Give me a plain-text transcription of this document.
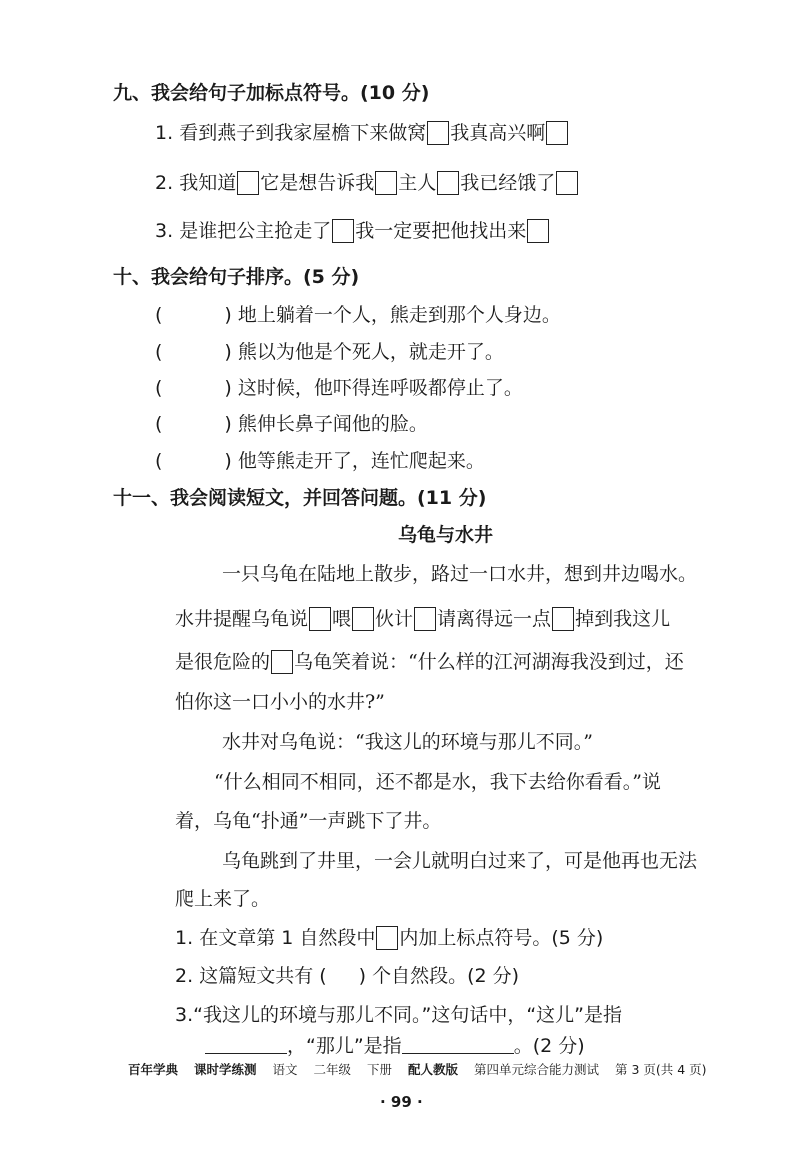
九、我会给句子加标点符号。(10 分)
1. 看到燕子到我家屋檐下来做窝 我真高兴啊
2. 我知道 它是想告诉我 主人 我已经饿了
3. 是谁把公主抢走了 我一定要把他找出来
十、我会给句子排序。(5 分)
(	) 地上躺着一个人，熊走到那个人身边。
(	) 熊以为他是个死人，就走开了。
(	) 这时候，他吓得连呼吸都停止了。
(	) 熊伸长鼻子闻他的脸。
(	) 他等熊走开了，连忙爬起来。
十一、我会阅读短文，并回答问题。(11 分)
乌龟与水井
一只乌龟在陆地上散步，路过一口水井，想到井边喝水。
水井提醒乌龟说 喂 伙计 请离得远一点 掉到我这儿
是很危险的 乌龟笑着说：“什么样的江河湖海我没到过，还
怕你这一口小小的水井?”
水井对乌龟说：“我这儿的环境与那儿不同。”
“什么相同不相同，还不都是水，我下去给你看看。”说
着，乌龟“扑通”一声跳下了井。
乌龟跳到了井里，一会儿就明白过来了，可是他再也无法
爬上来了。
1. 在文章第 1 自然段中 内加上标点符号。(5 分)
2. 这篇短文共有 ( ) 个自然段。(2 分)
3.“我这儿的环境与那儿不同。”这句话中，“这儿”是指
，“那儿”是指	。(2 分)
百年学典 课时学练测 语文 二年级 下册 配人教版 第四单元综合能力测试 第 3 页(共 4 页)
· 99 ·
